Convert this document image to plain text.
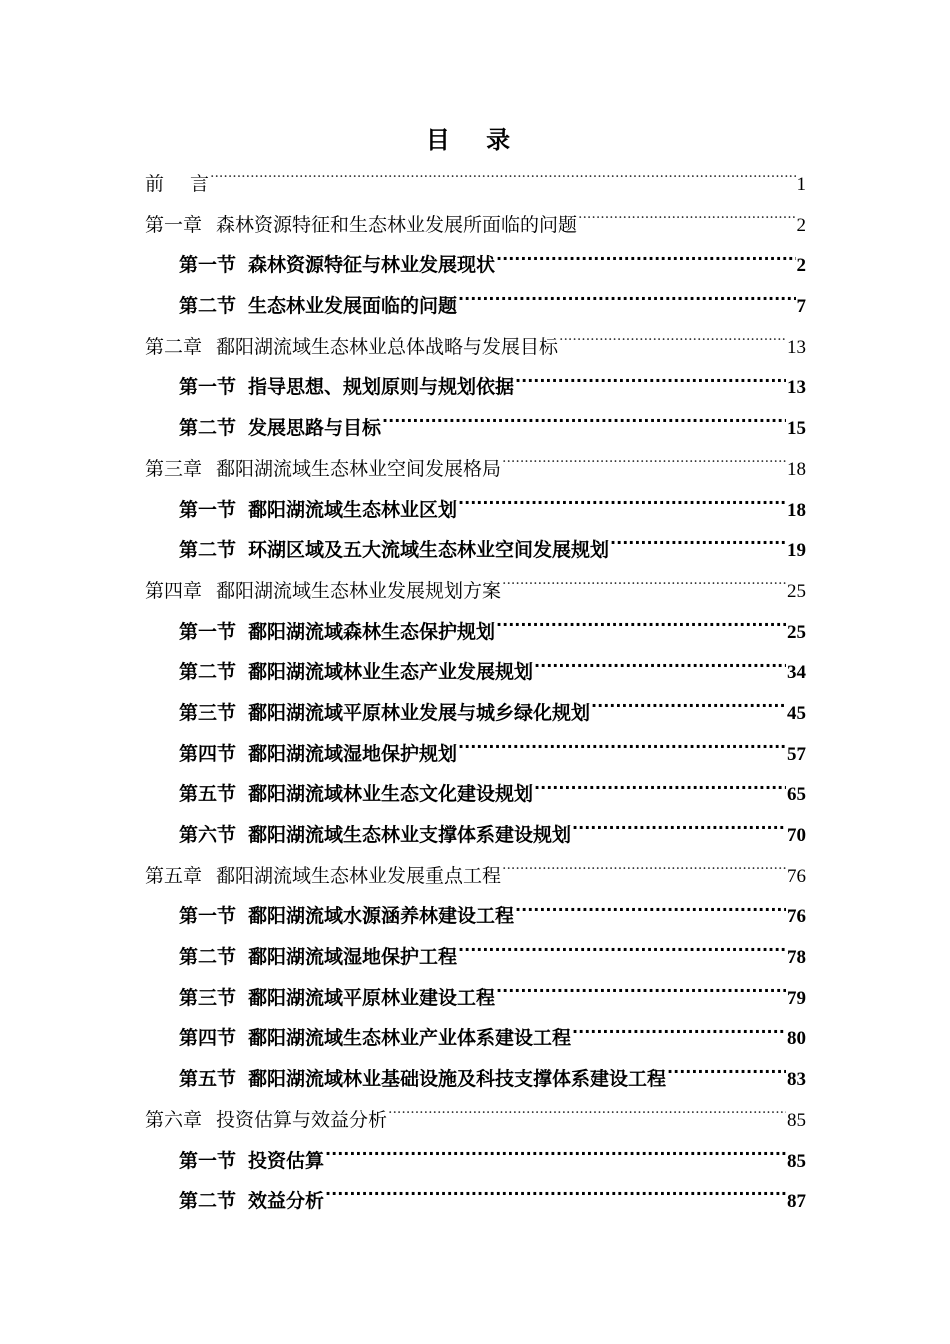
目 录
前 言 .....	1
第一章 森林资源特征和生态林业发展所面临的问题 .....	2
第一节 森林资源特征与林业发展现状 .....	2
第二节 生态林业发展面临的问题 .....	7
第二章 鄱阳湖流域生态林业总体战略与发展目标 .....	13
第一节 指导思想、规划原则与规划依据 .....	13
第二节 发展思路与目标 .....	15
第三章 鄱阳湖流域生态林业空间发展格局 .....	18
第一节 鄱阳湖流域生态林业区划 .....	18
第二节 环湖区域及五大流域生态林业空间发展规划 .....	19
第四章 鄱阳湖流域生态林业发展规划方案 .....	25
第一节 鄱阳湖流域森林生态保护规划 .....	25
第二节 鄱阳湖流域林业生态产业发展规划 .....	34
第三节 鄱阳湖流域平原林业发展与城乡绿化规划 .....	45
第四节 鄱阳湖流域湿地保护规划 .....	57
第五节 鄱阳湖流域林业生态文化建设规划 .....	65
第六节 鄱阳湖流域生态林业支撑体系建设规划 .....	70
第五章 鄱阳湖流域生态林业发展重点工程 .....	76
第一节 鄱阳湖流域水源涵养林建设工程 .....	76
第二节 鄱阳湖流域湿地保护工程 .....	78
第三节 鄱阳湖流域平原林业建设工程 .....	79
第四节 鄱阳湖流域生态林业产业体系建设工程 .....	80
第五节 鄱阳湖流域林业基础设施及科技支撑体系建设工程 .....	83
第六章 投资估算与效益分析 .....	85
第一节 投资估算 .....	85
第二节 效益分析 .....	87
